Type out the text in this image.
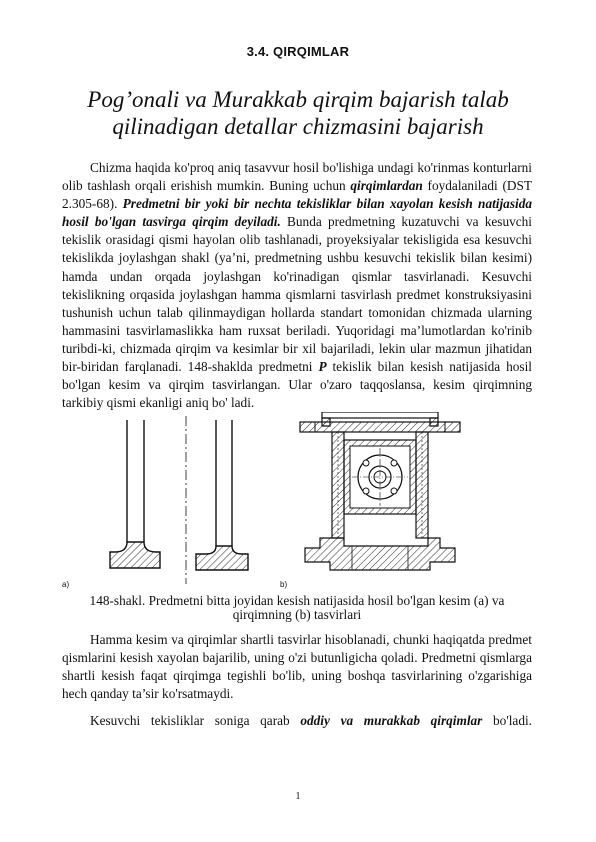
3.4. QIRQIMLAR
Pog’onali va Murakkab qirqim bajarish talab
qilinadigan detallar chizmasini bajarish

Chizma haqida ko'proq aniq tasavvur hosil bo'lishiga undagi ko'rinmas konturlarni olib tashlash orqali erishish mumkin. Buning uchun qirqimlardan foydalaniladi (DST 2.305-68). Predmetni bir yoki bir nechta tekisliklar bilan xayolan kesish natijasida hosil bo'lgan tasvirga qirqim deyiladi. Bunda predmetning kuzatuvchi va kesuvchi tekislik orasidagi qismi hayolan olib tashlanadi, proyeksiyalar tekisligida esa kesuvchi tekislikda joylashgan shakl (ya’ni, predmetning ushbu kesuvchi tekislik bilan kesimi) hamda undan orqada joylashgan ko'rinadigan qismlar tasvirlanadi. Kesuvchi tekislikning orqasida joylashgan hamma qismlarni tasvirlash predmet konstruksiyasini tushunish uchun talab qilinmaydigan hollarda standart tomonidan chizmada ularning hammasini tasvirlamaslikka ham ruxsat beriladi. Yuqoridagi ma’lumotlardan ko'rinib turibdi-ki, chizmada qirqim va kesimlar bir xil bajariladi, lekin ular mazmun jihatidan bir-biridan farqlanadi. 148-shaklda predmetni P tekislik bilan kesish natijasida hosil bo'lgan kesim va qirqim tasvirlangan. Ular o'zaro taqqoslansa, kesim qirqimning tarkibiy qismi ekanligi aniq bo' ladi.

a)	b)
148-shakl. Predmetni bitta joyidan kesish natijasida hosil bo'lgan kesim (a) va qirqimning (b) tasvirlari

Hamma kesim va qirqimlar shartli tasvirlar hisoblanadi, chunki haqiqatda predmet qismlarini kesish xayolan bajarilib, uning o'zi butunligicha qoladi. Predmetni qismlarga shartli kesish faqat qirqimga tegishli bo'lib, uning boshqa tasvirlarining o'zgarishiga hech qanday ta’sir ko'rsatmaydi.

Kesuvchi tekisliklar soniga qarab oddiy va murakkab qirqimlar bo'ladi.

1
